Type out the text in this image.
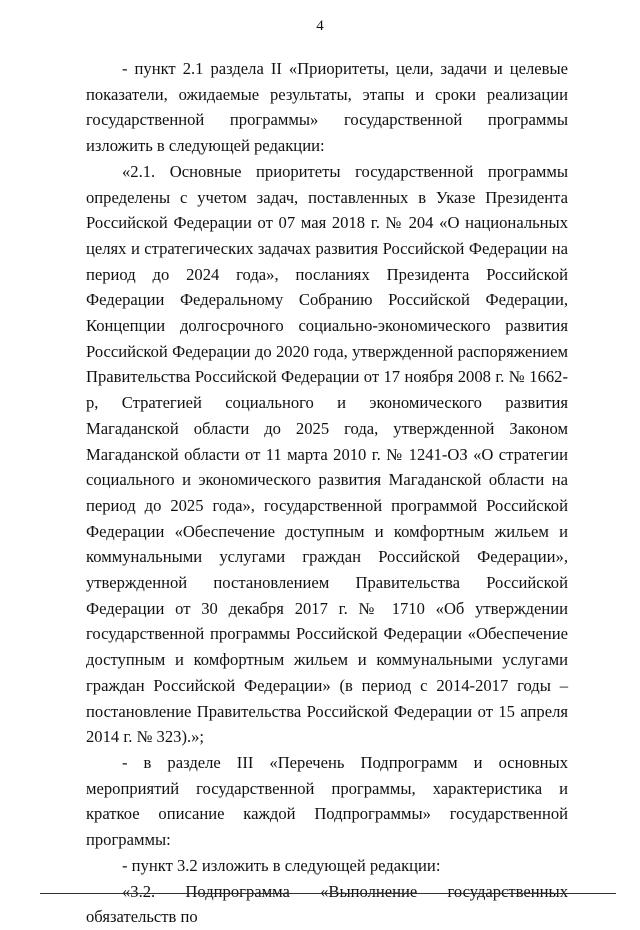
4

- пункт 2.1 раздела II «Приоритеты, цели, задачи и целевые показатели, ожидаемые результаты, этапы и сроки реализации государственной программы» государственной программы изложить в следующей редакции:

«2.1. Основные приоритеты государственной программы определены с учетом задач, поставленных в Указе Президента Российской Федерации от 07 мая 2018 г. № 204 «О национальных целях и стратегических задачах развития Российской Федерации на период до 2024 года», посланиях Президента Российской Федерации Федеральному Собранию Российской Федерации, Концепции долгосрочного социально-экономического развития Российской Федерации до 2020 года, утвержденной распоряжением Правительства Российской Федерации от 17 ноября 2008 г. № 1662-р, Стратегией социального и экономического развития Магаданской области до 2025 года, утвержденной Законом Магаданской области от 11 марта 2010 г. № 1241-ОЗ «О стратегии социального и экономического развития Магаданской области на период до 2025 года», государственной программой Российской Федерации «Обеспечение доступным и комфортным жильем и коммунальными услугами граждан Российской Федерации», утвержденной постановлением Правительства Российской Федерации от 30 декабря 2017 г. № 1710 «Об утверждении государственной программы Российской Федерации «Обеспечение доступным и комфортным жильем и коммунальными услугами граждан Российской Федерации» (в период с 2014-2017 годы – постановление Правительства Российской Федерации от 15 апреля 2014 г. № 323).»;

- в разделе III «Перечень Подпрограмм и основных мероприятий государственной программы, характеристика и краткое описание каждой Подпрограммы» государственной программы:

- пункт 3.2 изложить в следующей редакции:

«3.2. Подпрограмма «Выполнение государственных обязательств по
